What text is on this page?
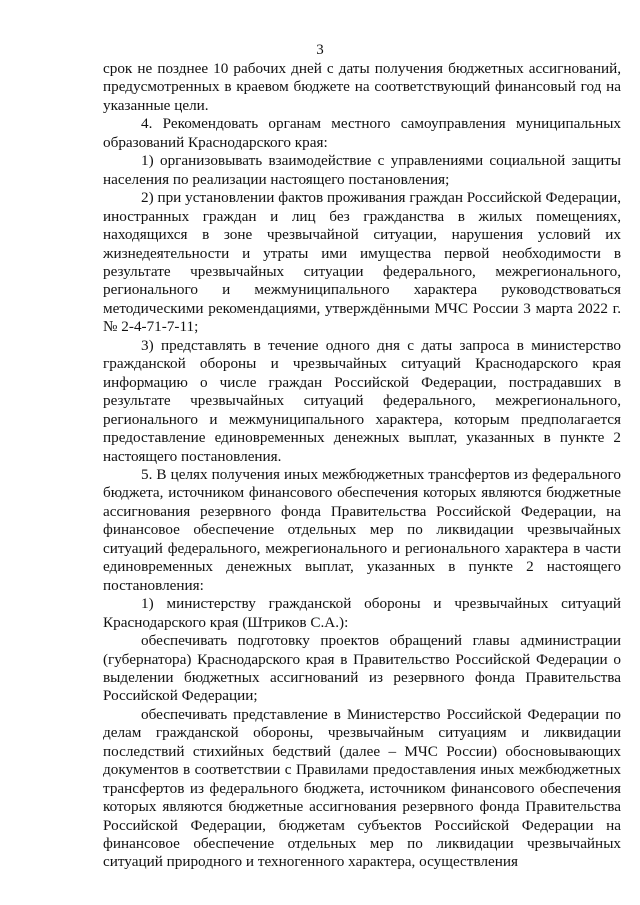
3

срок не позднее 10 рабочих дней с даты получения бюджетных ассигнований, предусмотренных в краевом бюджете на соответствующий финансовый год на указанные цели.

4. Рекомендовать органам местного самоуправления муниципальных образований Краснодарского края:

1) организовывать взаимодействие с управлениями социальной защиты населения по реализации настоящего постановления;

2) при установлении фактов проживания граждан Российской Федерации, иностранных граждан и лиц без гражданства в жилых помещениях, находящихся в зоне чрезвычайной ситуации, нарушения условий их жизнедеятельности и утраты ими имущества первой необходимости в результате чрезвычайных ситуации федерального, межрегионального, регионального и межмуниципального характера руководствоваться методическими рекомендациями, утверждёнными МЧС России 3 марта 2022 г. № 2-4-71-7-11;

3) представлять в течение одного дня с даты запроса в министерство гражданской обороны и чрезвычайных ситуаций Краснодарского края информацию о числе граждан Российской Федерации, пострадавших в результате чрезвычайных ситуаций федерального, межрегионального, регионального и межмуниципального характера, которым предполагается предоставление единовременных денежных выплат, указанных в пункте 2 настоящего постановления.

5. В целях получения иных межбюджетных трансфертов из федерального бюджета, источником финансового обеспечения которых являются бюджетные ассигнования резервного фонда Правительства Российской Федерации, на финансовое обеспечение отдельных мер по ликвидации чрезвычайных ситуаций федерального, межрегионального и регионального характера в части единовременных денежных выплат, указанных в пункте 2 настоящего постановления:

1) министерству гражданской обороны и чрезвычайных ситуаций Краснодарского края (Штриков С.А.):

обеспечивать подготовку проектов обращений главы администрации (губернатора) Краснодарского края в Правительство Российской Федерации о выделении бюджетных ассигнований из резервного фонда Правительства Российской Федерации;

обеспечивать представление в Министерство Российской Федерации по делам гражданской обороны, чрезвычайным ситуациям и ликвидации последствий стихийных бедствий (далее – МЧС России) обосновывающих документов в соответствии с Правилами предоставления иных межбюджетных трансфертов из федерального бюджета, источником финансового обеспечения которых являются бюджетные ассигнования резервного фонда Правительства Российской Федерации, бюджетам субъектов Российской Федерации на финансовое обеспечение отдельных мер по ликвидации чрезвычайных ситуаций природного и техногенного характера, осуществления
